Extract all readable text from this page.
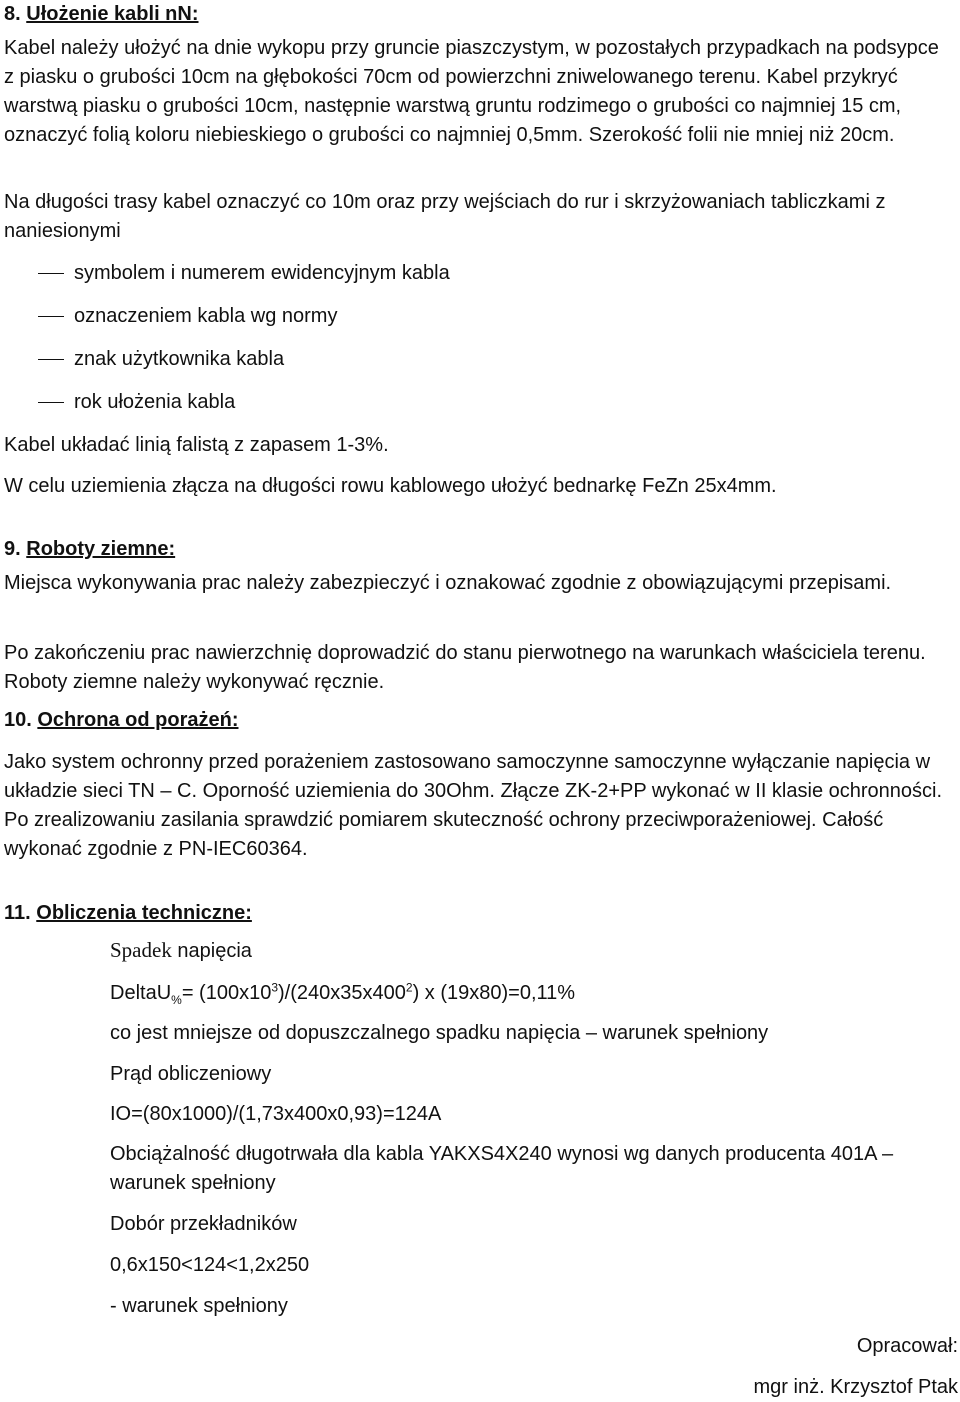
8. Ułożenie kabli nN:

Kabel należy ułożyć na dnie wykopu przy gruncie piaszczystym, w pozostałych przypadkach na podsypce z piasku o grubości 10cm na głębokości 70cm od powierzchni zniwelowanego terenu. Kabel przykryć warstwą piasku o grubości 10cm, następnie warstwą gruntu rodzimego o grubości co najmniej 15 cm, oznaczyć folią koloru niebieskiego o grubości co najmniej 0,5mm. Szerokość folii nie mniej niż 20cm.

Na długości trasy kabel oznaczyć co 10m oraz przy wejściach do rur i skrzyżowaniach tabliczkami z naniesionymi

symbolem i numerem ewidencyjnym kabla

oznaczeniem kabla wg normy

znak użytkownika kabla

rok ułożenia kabla

Kabel układać linią falistą z zapasem 1-3%.

W celu uziemienia złącza na długości rowu kablowego ułożyć bednarkę FeZn 25x4mm.

9. Roboty ziemne:

Miejsca wykonywania prac należy zabezpieczyć i oznakować zgodnie z obowiązującymi przepisami.

Po zakończeniu prac nawierzchnię doprowadzić do stanu pierwotnego na warunkach właściciela terenu. Roboty ziemne należy wykonywać ręcznie.

10. Ochrona od porażeń:

Jako system ochronny przed porażeniem zastosowano samoczynne samoczynne wyłączanie napięcia w układzie sieci TN – C. Oporność uziemienia do 30Ohm. Złącze ZK-2+PP wykonać w II klasie ochronności. Po zrealizowaniu zasilania sprawdzić pomiarem skuteczność ochrony przeciwporażeniowej. Całość wykonać zgodnie z PN-IEC60364.

11. Obliczenia techniczne:

Spadek napięcia

DeltaU$_{\%}$= $(100x10^3)/(240x35x400^2)$ x (19x80)=0,11%

co jest mniejsze od dopuszczalnego spadku napięcia – warunek spełniony

Prąd obliczeniowy

IO=(80x1000)/(1,73x400x0,93)=124A

Obciążalność długotrwała dla kabla YAKXS4X240 wynosi wg danych producenta 401A – warunek spełniony

Dobór przekładników

0,6x150<124<1,2x250

- warunek spełniony

Opracował:

mgr inż. Krzysztof Ptak
